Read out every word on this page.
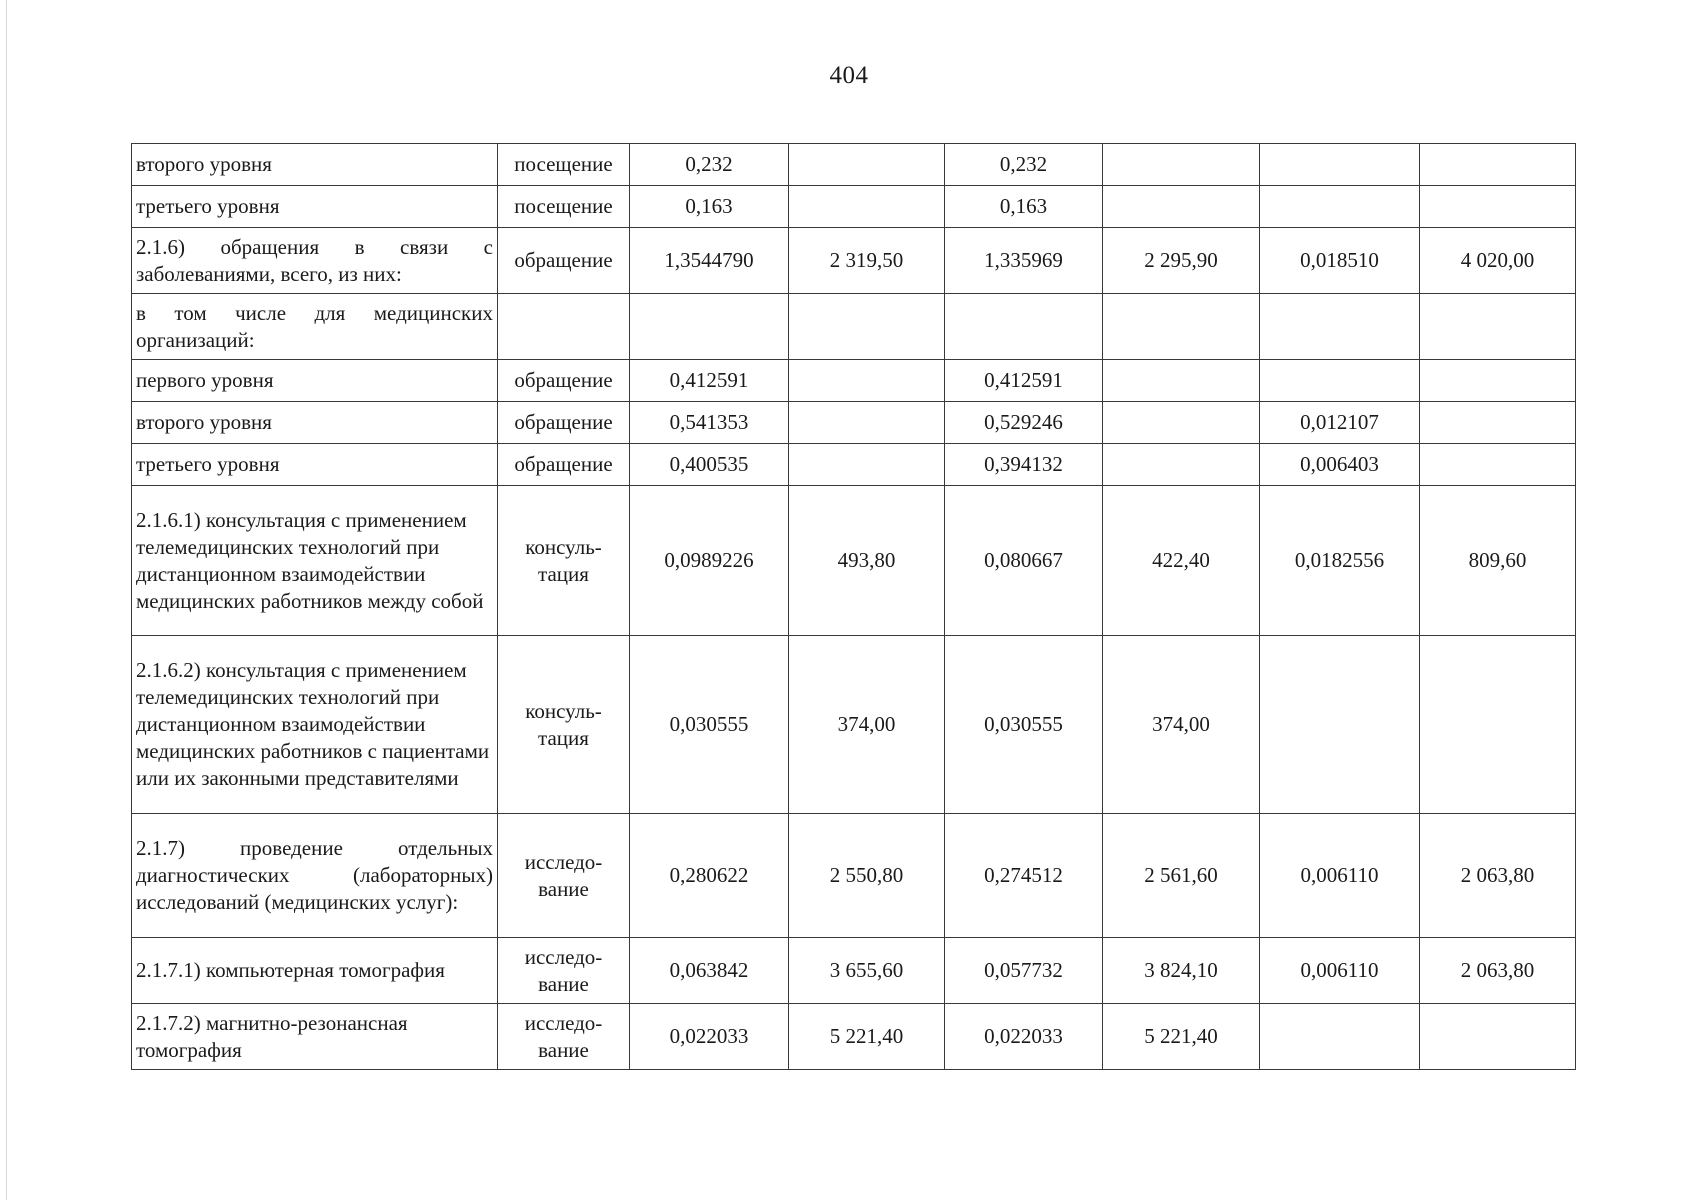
404
второго уровня	посещение	0,232		0,232			
третьего уровня	посещение	0,163		0,163			
2.1.6) обращения в связи с заболеваниями, всего, из них:	обращение	1,3544790	2 319,50	1,335969	2 295,90	0,018510	4 020,00
в том числе для медицинских организаций:							
первого уровня	обращение	0,412591		0,412591			
второго уровня	обращение	0,541353		0,529246		0,012107	
третьего уровня	обращение	0,400535		0,394132		0,006403	
2.1.6.1) консультация с применением телемедицинских технологий при дистанционном взаимодействии медицинских работников между собой	консуль- тация	0,0989226	493,80	0,080667	422,40	0,0182556	809,60
2.1.6.2) консультация с применением телемедицинских технологий при дистанционном взаимодействии медицинских работников с пациентами или их законными представителями	консуль- тация	0,030555	374,00	0,030555	374,00		
2.1.7) проведение отдельных диагностических (лабораторных) исследований (медицинских услуг):	исследо- вание	0,280622	2 550,80	0,274512	2 561,60	0,006110	2 063,80
2.1.7.1) компьютерная томография	исследо- вание	0,063842	3 655,60	0,057732	3 824,10	0,006110	2 063,80
2.1.7.2) магнитно-резонансная томография	исследо- вание	0,022033	5 221,40	0,022033	5 221,40		
